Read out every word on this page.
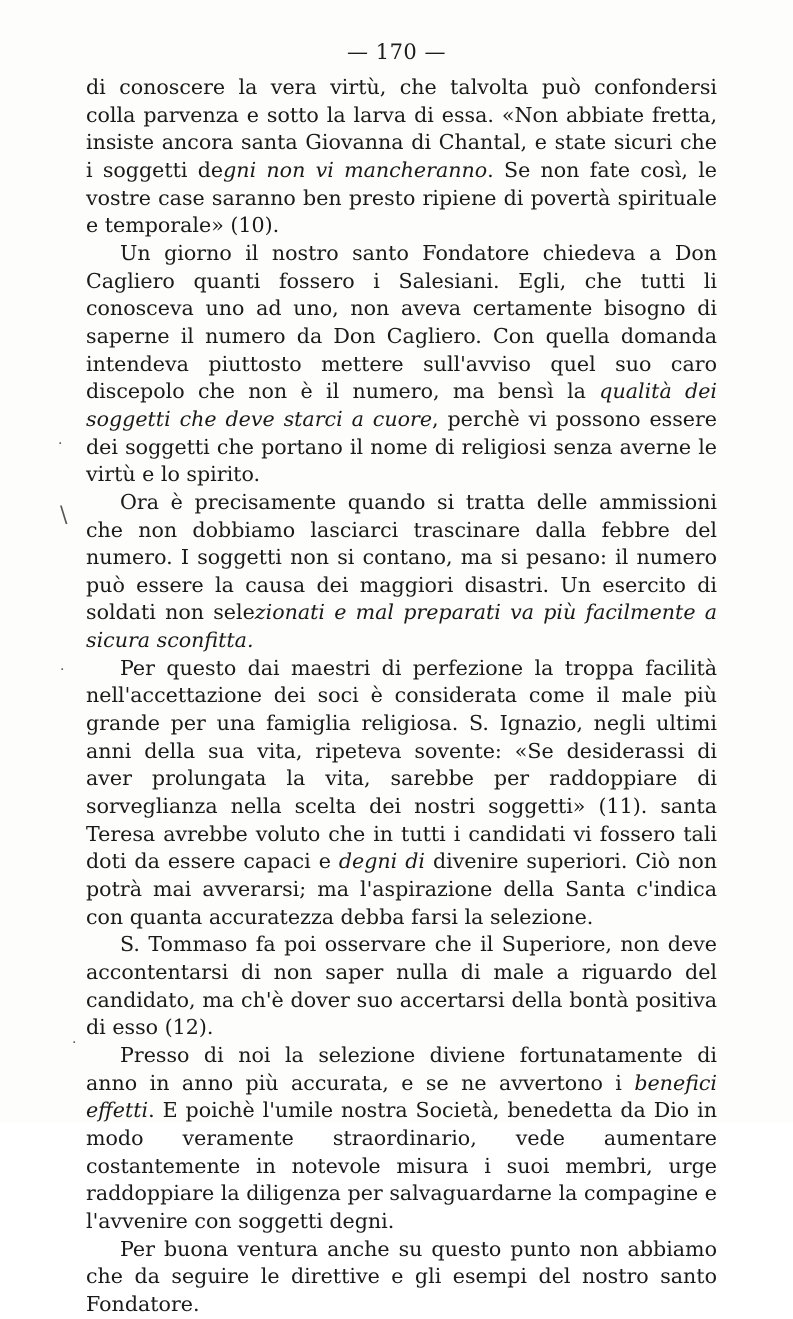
— 170 —

di conoscere la vera virtù, che talvolta può confondersi colla parvenza e sotto la larva di essa. «Non abbiate fretta, insiste ancora santa Giovanna di Chantal, e state sicuri che i soggetti degni non vi mancheranno. Se non fate così, le vostre case saranno ben presto ripiene di povertà spirituale e temporale» (10).

Un giorno il nostro santo Fondatore chiedeva a Don Cagliero quanti fossero i Salesiani. Egli, che tutti li conosceva uno ad uno, non aveva certamente bisogno di saperne il numero da Don Cagliero. Con quella domanda intendeva piuttosto mettere sull'avviso quel suo caro discepolo che non è il numero, ma bensì la qualità dei soggetti che deve starci a cuore, perchè vi possono essere dei soggetti che portano il nome di religiosi senza averne le virtù e lo spirito.

Ora è precisamente quando si tratta delle ammissioni che non dobbiamo lasciarci trascinare dalla febbre del numero. I soggetti non si contano, ma si pesano: il numero può essere la causa dei maggiori disastri. Un esercito di soldati non selezionati e mal preparati va più facilmente a sicura sconfitta.

Per questo dai maestri di perfezione la troppa facilità nell'accettazione dei soci è considerata come il male più grande per una famiglia religiosa. S. Ignazio, negli ultimi anni della sua vita, ripeteva sovente: «Se desiderassi di aver prolungata la vita, sarebbe per raddoppiare di sorveglianza nella scelta dei nostri soggetti» (11). santa Teresa avrebbe voluto che in tutti i candidati vi fossero tali doti da essere capaci e degni di divenire superiori. Ciò non potrà mai avverarsi; ma l'aspirazione della Santa c'indica con quanta accuratezza debba farsi la selezione.

S. Tommaso fa poi osservare che il Superiore, non deve accontentarsi di non saper nulla di male a riguardo del candidato, ma ch'è dover suo accertarsi della bontà positiva di esso (12).

Presso di noi la selezione diviene fortunatamente di anno in anno più accurata, e se ne avvertono i benefici effetti. E poichè l'umile nostra Società, benedetta da Dio in modo veramente straordinario, vede aumentare costantemente in notevole misura i suoi membri, urge raddoppiare la diligenza per salvaguardarne la compagine e l'avvenire con soggetti degni.

Per buona ventura anche su questo punto non abbiamo che da seguire le direttive e gli esempi del nostro santo Fondatore.

·
\
·
·
